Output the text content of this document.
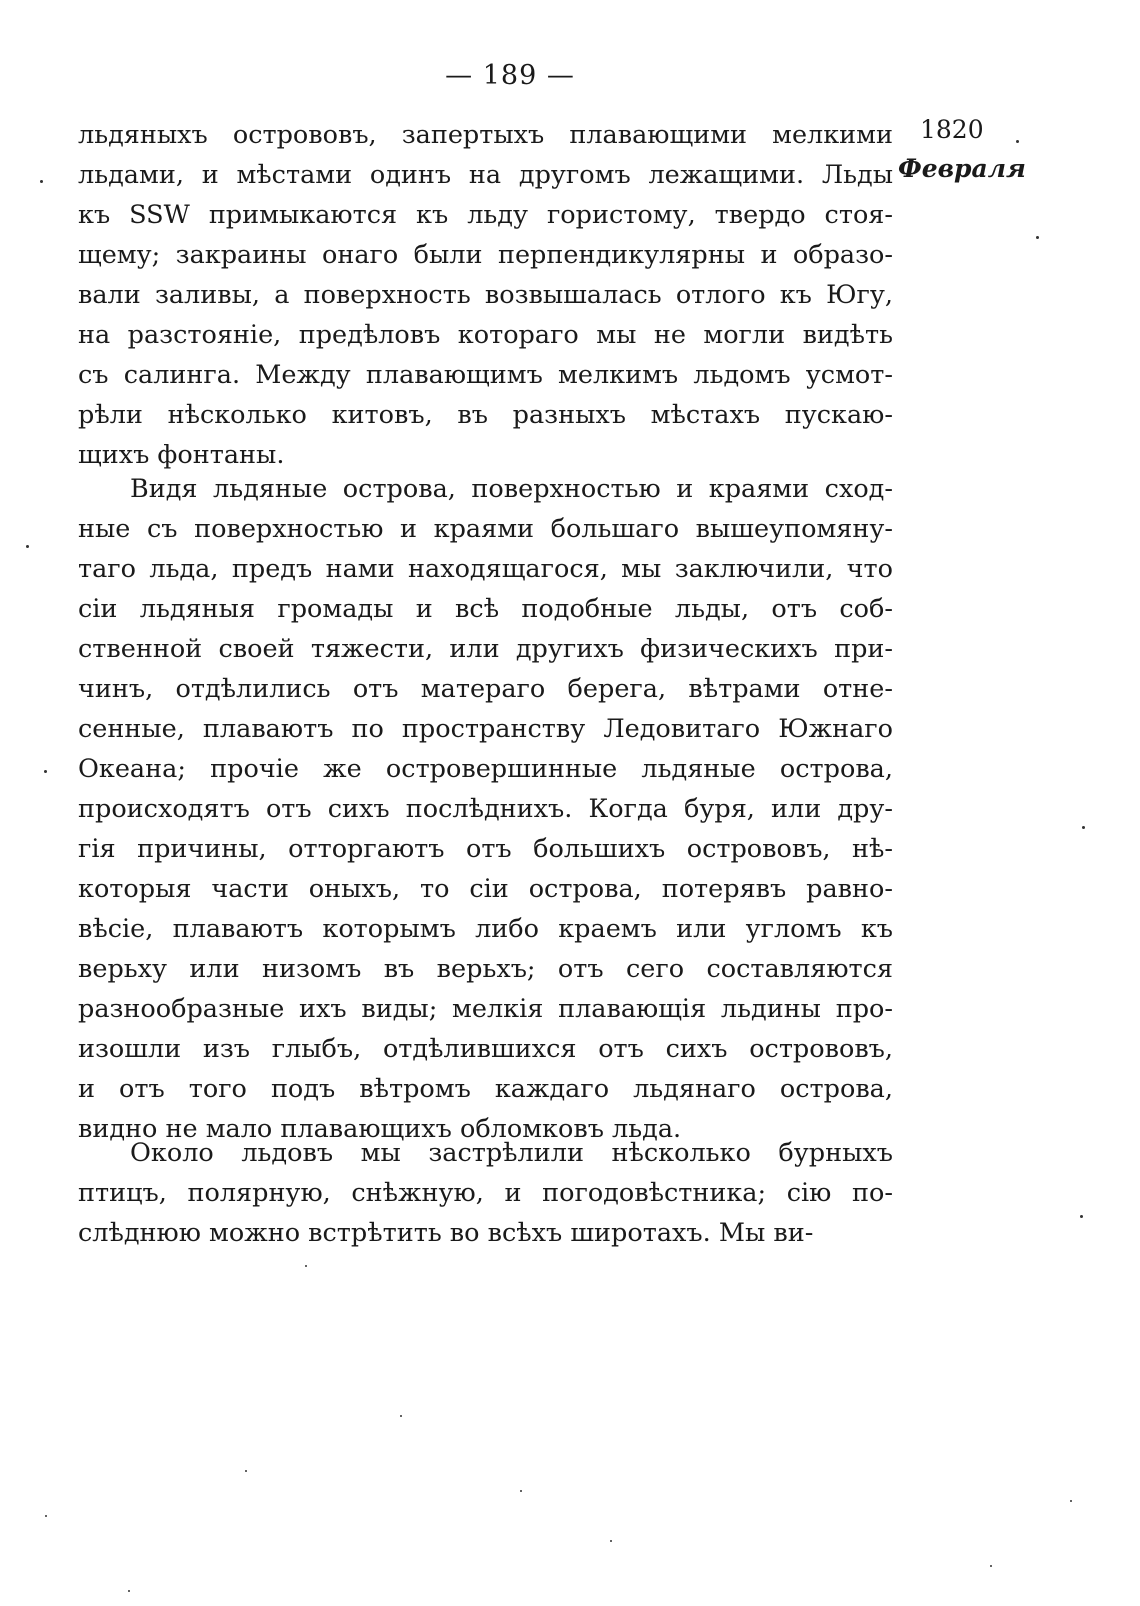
— 189 —
1820
Февраля
льдяныхъ острововъ, запертыхъ плавающими мелкими
льдами, и мѣстами одинъ на другомъ лежащими. Льды
къ SSW примыкаются къ льду гористому, твердо стоя-
щему; закраины онаго были перпендикулярны и образо-
вали заливы, а поверхность возвышалась отлого къ Югу,
на разстояніе, предѣловъ котораго мы не могли видѣть
съ салинга. Между плавающимъ мелкимъ льдомъ усмот-
рѣли нѣсколько китовъ, въ разныхъ мѣстахъ пускаю-
щихъ фонтаны.
Видя льдяные острова, поверхностью и краями сход-
ные съ поверхностью и краями большаго вышеупомяну-
таго льда, предъ нами находящагося, мы заключили, что
сіи льдяныя громады и всѣ подобные льды, отъ соб-
ственной своей тяжести, или другихъ физическихъ при-
чинъ, отдѣлились отъ матераго берега, вѣтрами отне-
сенные, плаваютъ по пространству Ледовитаго Южнаго
Океана; прочіе же островершинные льдяные острова,
происходятъ отъ сихъ послѣднихъ. Когда буря, или дру-
гія причины, отторгаютъ отъ большихъ острововъ, нѣ-
которыя части оныхъ, то сіи острова, потерявъ равно-
вѣсіе, плаваютъ которымъ либо краемъ или угломъ къ
верьху или низомъ въ верьхъ; отъ сего составляются
разнообразные ихъ виды; мелкія плавающія льдины про-
изошли изъ глыбъ, отдѣлившихся отъ сихъ острововъ,
и отъ того подъ вѣтромъ каждаго льдянаго острова,
видно не мало плавающихъ обломковъ льда.
Около льдовъ мы застрѣлили нѣсколько бурныхъ
птицъ, полярную, снѣжную, и погодовѣстника; сію по-
слѣднюю можно встрѣтить во всѣхъ широтахъ. Мы ви-
